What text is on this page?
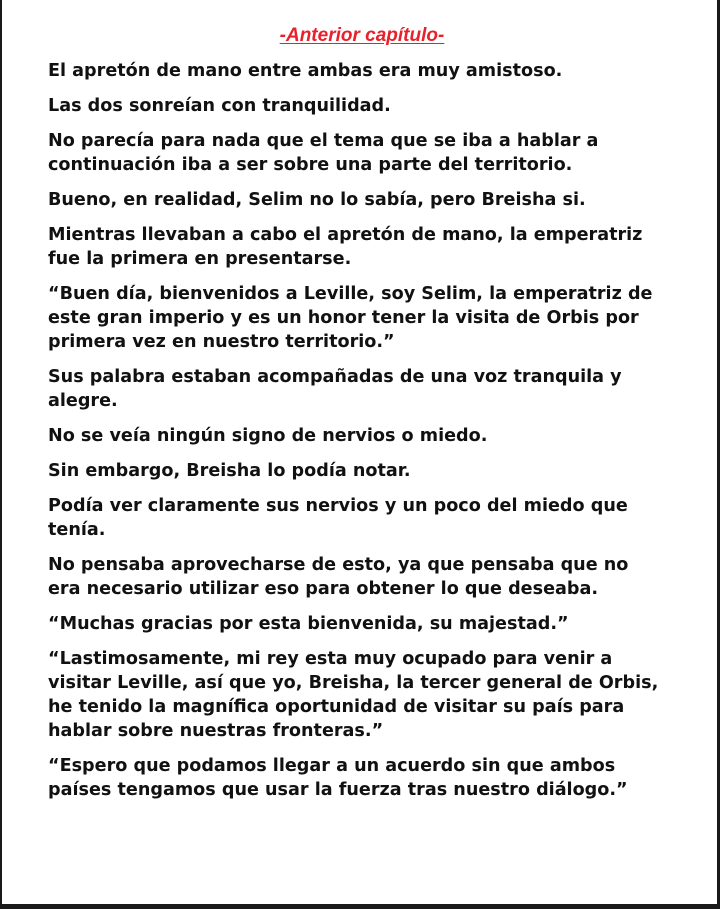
-Anterior capítulo-

El apretón de mano entre ambas era muy amistoso.

Las dos sonreían con tranquilidad.

No parecía para nada que el tema que se iba a hablar a
continuación iba a ser sobre una parte del territorio.

Bueno, en realidad, Selim no lo sabía, pero Breisha si.

Mientras llevaban a cabo el apretón de mano, la emperatriz
fue la primera en presentarse.

“Buen día, bienvenidos a Leville, soy Selim, la emperatriz de
este gran imperio y es un honor tener la visita de Orbis por
primera vez en nuestro territorio.”

Sus palabra estaban acompañadas de una voz tranquila y
alegre.

No se veía ningún signo de nervios o miedo.

Sin embargo, Breisha lo podía notar.

Podía ver claramente sus nervios y un poco del miedo que
tenía.

No pensaba aprovecharse de esto, ya que pensaba que no
era necesario utilizar eso para obtener lo que deseaba.

“Muchas gracias por esta bienvenida, su majestad.”

“Lastimosamente, mi rey esta muy ocupado para venir a
visitar Leville, así que yo, Breisha, la tercer general de Orbis,
he tenido la magnífica oportunidad de visitar su país para
hablar sobre nuestras fronteras.”

“Espero que podamos llegar a un acuerdo sin que ambos
países tengamos que usar la fuerza tras nuestro diálogo.”
